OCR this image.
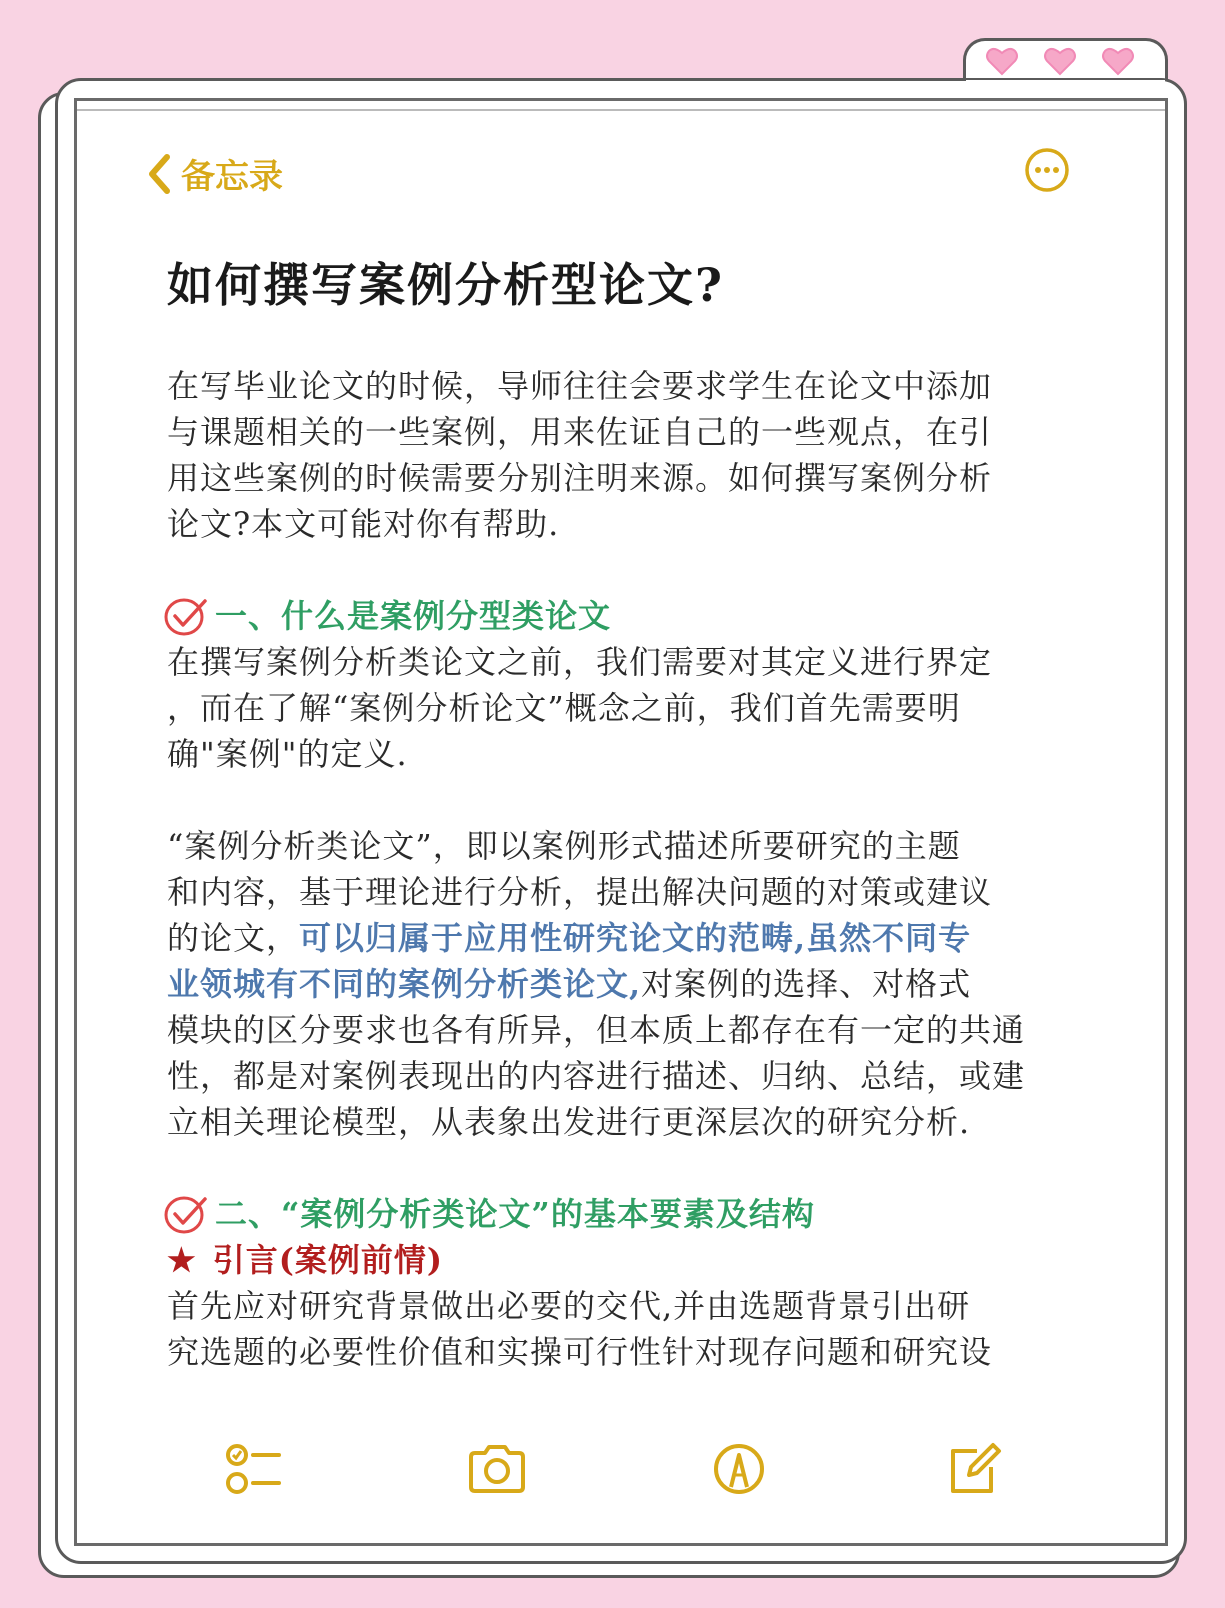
备忘录
如何撰写案例分析型论文?

在写毕业论文的时候，导师往往会要求学生在论文中添加

与课题相关的一些案例，用来佐证自己的一些观点，在引

用这些案例的时候需要分别注明来源。如何撰写案例分析

论文?本文可能对你有帮助.

一、什么是案例分型类论文

在撰写案例分析类论文之前，我们需要对其定义进行界定

，而在了解“案例分析论文”概念之前，我们首先需要明

确"案例"的定义.

“案例分析类论文”，即以案例形式描述所要研究的主题

和内容，基于理论进行分析，提出解决问题的对策或建议

的论文，可以归属于应用性研究论文的范畴,虽然不同专

业领城有不同的案例分析类论文,对案例的选择、对格式

模块的区分要求也各有所异，但本质上都存在有一定的共通

性，都是对案例表现出的内容进行描述、归纳、总结，或建

立相关理论模型，从表象出发进行更深层次的研究分析.

二、“案例分析类论文”的基本要素及结构
★ 引言(案例前情)

首先应对研究背景做出必要的交代,并由选题背景引出研

究选题的必要性价值和实操可行性针对现存问题和研究设
